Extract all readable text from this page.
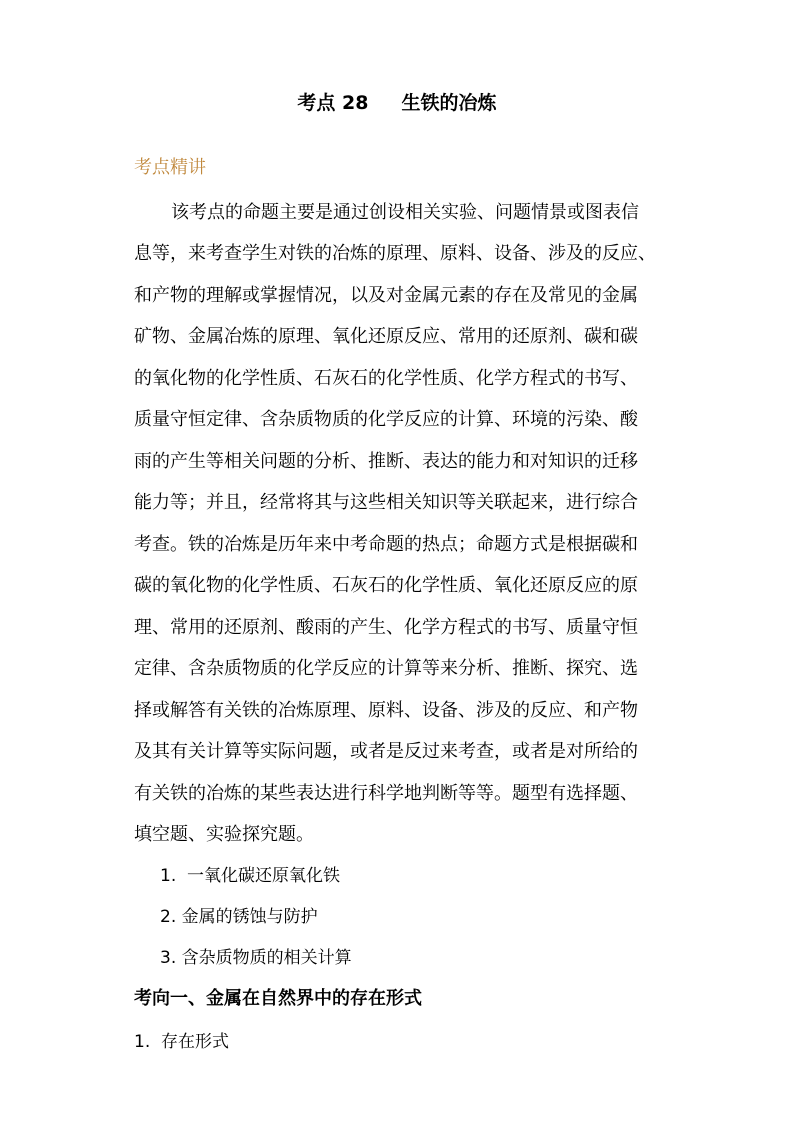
考点 28     生铁的冶炼
考点精讲
该考点的命题主要是通过创设相关实验、问题情景或图表信
息等，来考查学生对铁的冶炼的原理、原料、设备、涉及的反应、
和产物的理解或掌握情况，以及对金属元素的存在及常见的金属
矿物、金属冶炼的原理、氧化还原反应、常用的还原剂、碳和碳
的氧化物的化学性质、石灰石的化学性质、化学方程式的书写、
质量守恒定律、含杂质物质的化学反应的计算、环境的污染、酸
雨的产生等相关问题的分析、推断、表达的能力和对知识的迁移
能力等；并且，经常将其与这些相关知识等关联起来，进行综合
考查。铁的冶炼是历年来中考命题的热点；命题方式是根据碳和
碳的氧化物的化学性质、石灰石的化学性质、氧化还原反应的原
理、常用的还原剂、酸雨的产生、化学方程式的书写、质量守恒
定律、含杂质物质的化学反应的计算等来分析、推断、探究、选
择或解答有关铁的冶炼原理、原料、设备、涉及的反应、和产物
及其有关计算等实际问题，或者是反过来考查，或者是对所给的
有关铁的冶炼的某些表达进行科学地判断等等。题型有选择题、
填空题、实验探究题。
1.  一氧化碳还原氧化铁
2. 金属的锈蚀与防护
3. 含杂质物质的相关计算
考向一、金属在自然界中的存在形式
1.  存在形式
